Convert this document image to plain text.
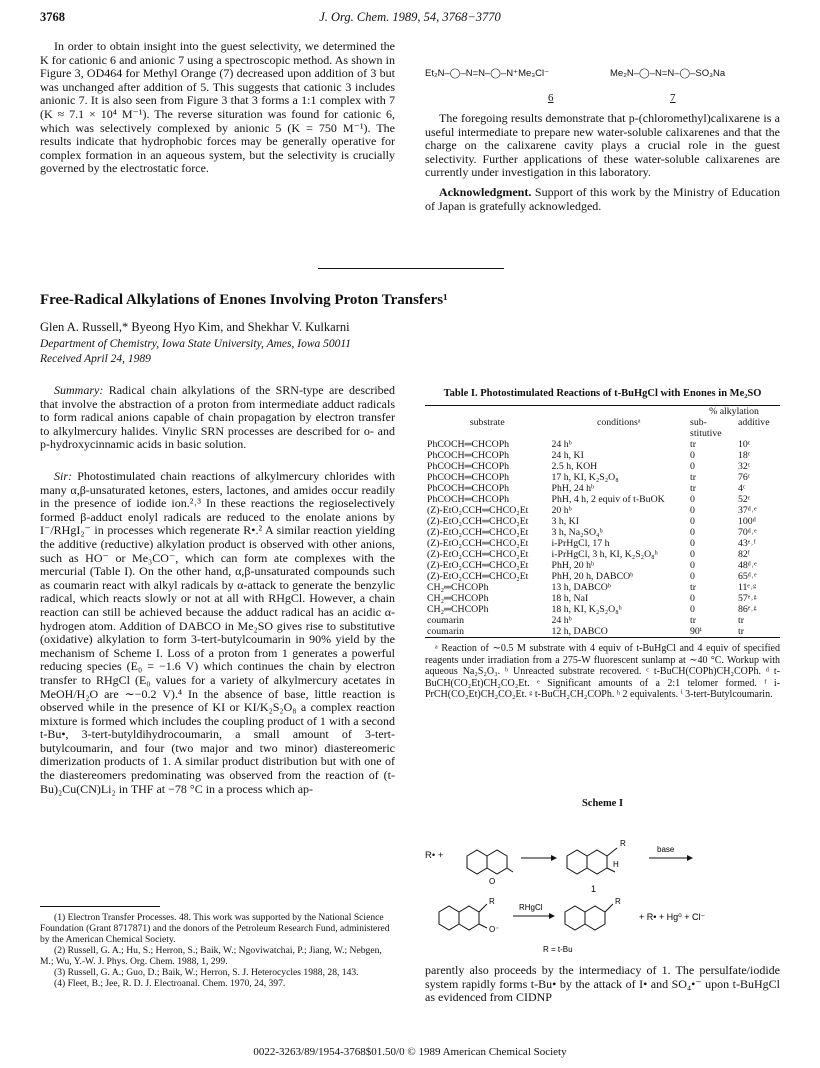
3768	J. Org. Chem. 1989, 54, 3768−3770
In order to obtain insight into the guest selectivity, we determined the K for cationic 6 and anionic 7 using a spectroscopic method. As shown in Figure 3, OD464 for Methyl Orange (7) decreased upon addition of 3 but was unchanged after addition of 5. This suggests that cationic 3 includes anionic 7. It is also seen from Figure 3 that 3 forms a 1:1 complex with 7 (K ≈ 7.1 × 10⁴ M⁻¹). The reverse situration was found for cationic 6, which was selectively complexed by anionic 5 (K = 750 M⁻¹). The results indicate that hydrophobic forces may be generally operative for complex formation in an aqueous system, but the selectivity is crucially governed by the electrostatic force.
Et₂N–◯–N=N–◯–N⁺Me₃Cl⁻
6
Me₂N–◯–N=N–◯–SO₃Na
7
The foregoing results demonstrate that p-(chloromethyl)calixarene is a useful intermediate to prepare new water-soluble calixarenes and that the charge on the calixarene cavity plays a crucial role in the guest selectivity. Further applications of these water-soluble calixarenes are currently under investigation in this laboratory.
Acknowledgment. Support of this work by the Ministry of Education of Japan is gratefully acknowledged.
Free-Radical Alkylations of Enones Involving Proton Transfers¹
Glen A. Russell,* Byeong Hyo Kim, and Shekhar V. Kulkarni
Department of Chemistry, Iowa State University, Ames, Iowa 50011
Received April 24, 1989
Summary: Radical chain alkylations of the SRN-type are described that involve the abstraction of a proton from intermediate adduct radicals to form radical anions capable of chain propagation by electron transfer to alkylmercury halides. Vinylic SRN processes are described for o- and p-hydroxycinnamic acids in basic solution.
Sir: Photostimulated chain reactions of alkylmercury chlorides with many α,β-unsaturated ketones, esters, lactones, and amides occur readily in the presence of iodide ion.²˒³ In these reactions the regioselectively formed β-adduct enolyl radicals are reduced to the enolate anions by I⁻/RHgI₂⁻ in processes which regenerate R•.² A similar reaction yielding the additive (reductive) alkylation product is observed with other anions, such as HO⁻ or Me₃CO⁻, which can form ate complexes with the mercurial (Table I). On the other hand, α,β-unsaturated compounds such as coumarin react with alkyl radicals by α-attack to generate the benzylic radical, which reacts slowly or not at all with RHgCl. However, a chain reaction can still be achieved because the adduct radical has an acidic α-hydrogen atom. Addition of DABCO in Me₂SO gives rise to substitutive (oxidative) alkylation to form 3-tert-butylcoumarin in 90% yield by the mechanism of Scheme I. Loss of a proton from 1 generates a powerful reducing species (E₀ = −1.6 V) which continues the chain by electron transfer to RHgCl (E₀ values for a variety of alkylmercury acetates in MeOH/H₂O are ∼−0.2 V).⁴ In the absence of base, little reaction is observed while in the presence of KI or KI/K₂S₂O₈ a complex reaction mixture is formed which includes the coupling product of 1 with a second t-Bu•, 3-tert-butyldihydrocoumarin, a small amount of 3-tert-butylcoumarin, and four (two major and two minor) diastereomeric dimerization products of 1. A similar product distribution but with one of the diastereomers predominating was observed from the reaction of (t-Bu)₂Cu(CN)Li₂ in THF at −78 °C in a process which ap-

(1) Electron Transfer Processes. 48. This work was supported by the National Science Foundation (Grant 8717871) and the donors of the Petroleum Research Fund, administered by the American Chemical Society.

(2) Russell, G. A.; Hu, S.; Herron, S.; Baik, W.; Ngoviwatchai, P.; Jiang, W.; Nebgen, M.; Wu, Y.-W. J. Phys. Org. Chem. 1988, 1, 299.

(3) Russell, G. A.; Guo, D.; Baik, W.; Herron, S. J. Heterocycles 1988, 28, 143.

(4) Fleet, B.; Jee, R. D. J. Electroanal. Chem. 1970, 24, 397.

Table I. Photostimulated Reactions of t-BuHgCl with Enones in Me₂SO
		% alkylation	
substrate	conditionsᵃ	sub-stitutive	additive
PhCOCH═CHCOPh	24 hᵇ	tr	10ᶜ
PhCOCH═CHCOPh	24 h, KI	0	18ᶜ
PhCOCH═CHCOPh	2.5 h, KOH	0	32ᶜ
PhCOCH═CHCOPh	17 h, KI, K₂S₂O₈	tr	76ᶜ
PhCOCH═CHCOPh	PhH, 24 hᵇ	tr	4ᶜ
PhCOCH═CHCOPh	PhH, 4 h, 2 equiv of t-BuOK	0	52ᶜ
(Z)-EtO₂CCH═CHCO₂Et	20 hᵇ	0	37ᵈ˒ᵉ
(Z)-EtO₂CCH═CHCO₂Et	3 h, KI	0	100ᵈ
(Z)-EtO₂CCH═CHCO₂Et	3 h, Na₂SO₄ᵇ	0	70ᵈ˒ᵉ
(Z)-EtO₂CCH═CHCO₂Et	i-PrHgCl, 17 h	0	43ᵉ˒ᶠ
(Z)-EtO₂CCH═CHCO₂Et	i-PrHgCl, 3 h, KI, K₂S₂O₈ʰ	0	82ᶠ
(Z)-EtO₂CCH═CHCO₂Et	PhH, 20 hᵇ	0	48ᵈ˒ᵉ
(Z)-EtO₂CCH═CHCO₂Et	PhH, 20 h, DABCOᵇ	0	65ᵈ˒ᵉ
CH₂═CHCOPh	13 h, DABCOᵇ	tr	11ᵉ˒ᵍ
CH₂═CHCOPh	18 h, NaI	0	57ᵉ˒ᵍ
CH₂═CHCOPh	18 h, KI, K₂S₂O₈ʰ	0	86ᵉ˒ᵍ
coumarin	24 hᵇ	tr	tr
coumarin	12 h, DABCO	90ⁱ	tr
ᵃ Reaction of ∼0.5 M substrate with 4 equiv of t-BuHgCl and 4 equiv of specified reagents under irradiation from a 275-W fluorescent sunlamp at ∼40 °C. Workup with aqueous Na₂S₂O₃. ᵇ Unreacted substrate recovered. ᶜ t-BuCH(COPh)CH₂COPh. ᵈ t-BuCH(CO₂Et)CH₂CO₂Et. ᵉ Significant amounts of a 2:1 telomer formed. ᶠ i-PrCH(CO₂Et)CH₂CO₂Et. ᵍ t-BuCH₂CH₂COPh. ʰ 2 equivalents. ⁱ 3-tert-Butylcoumarin.
Scheme I
R• +
O
R
H
1
base
R
O⁻
RHgCl
R
+ R• + Hg⁰ + Cl⁻
R = t-Bu
parently also proceeds by the intermediacy of 1. The persulfate/iodide system rapidly forms t-Bu• by the attack of I• and SO₄•⁻ upon t-BuHgCl as evidenced from CIDNP
0022-3263/89/1954-3768$01.50/0 © 1989 American Chemical Society
